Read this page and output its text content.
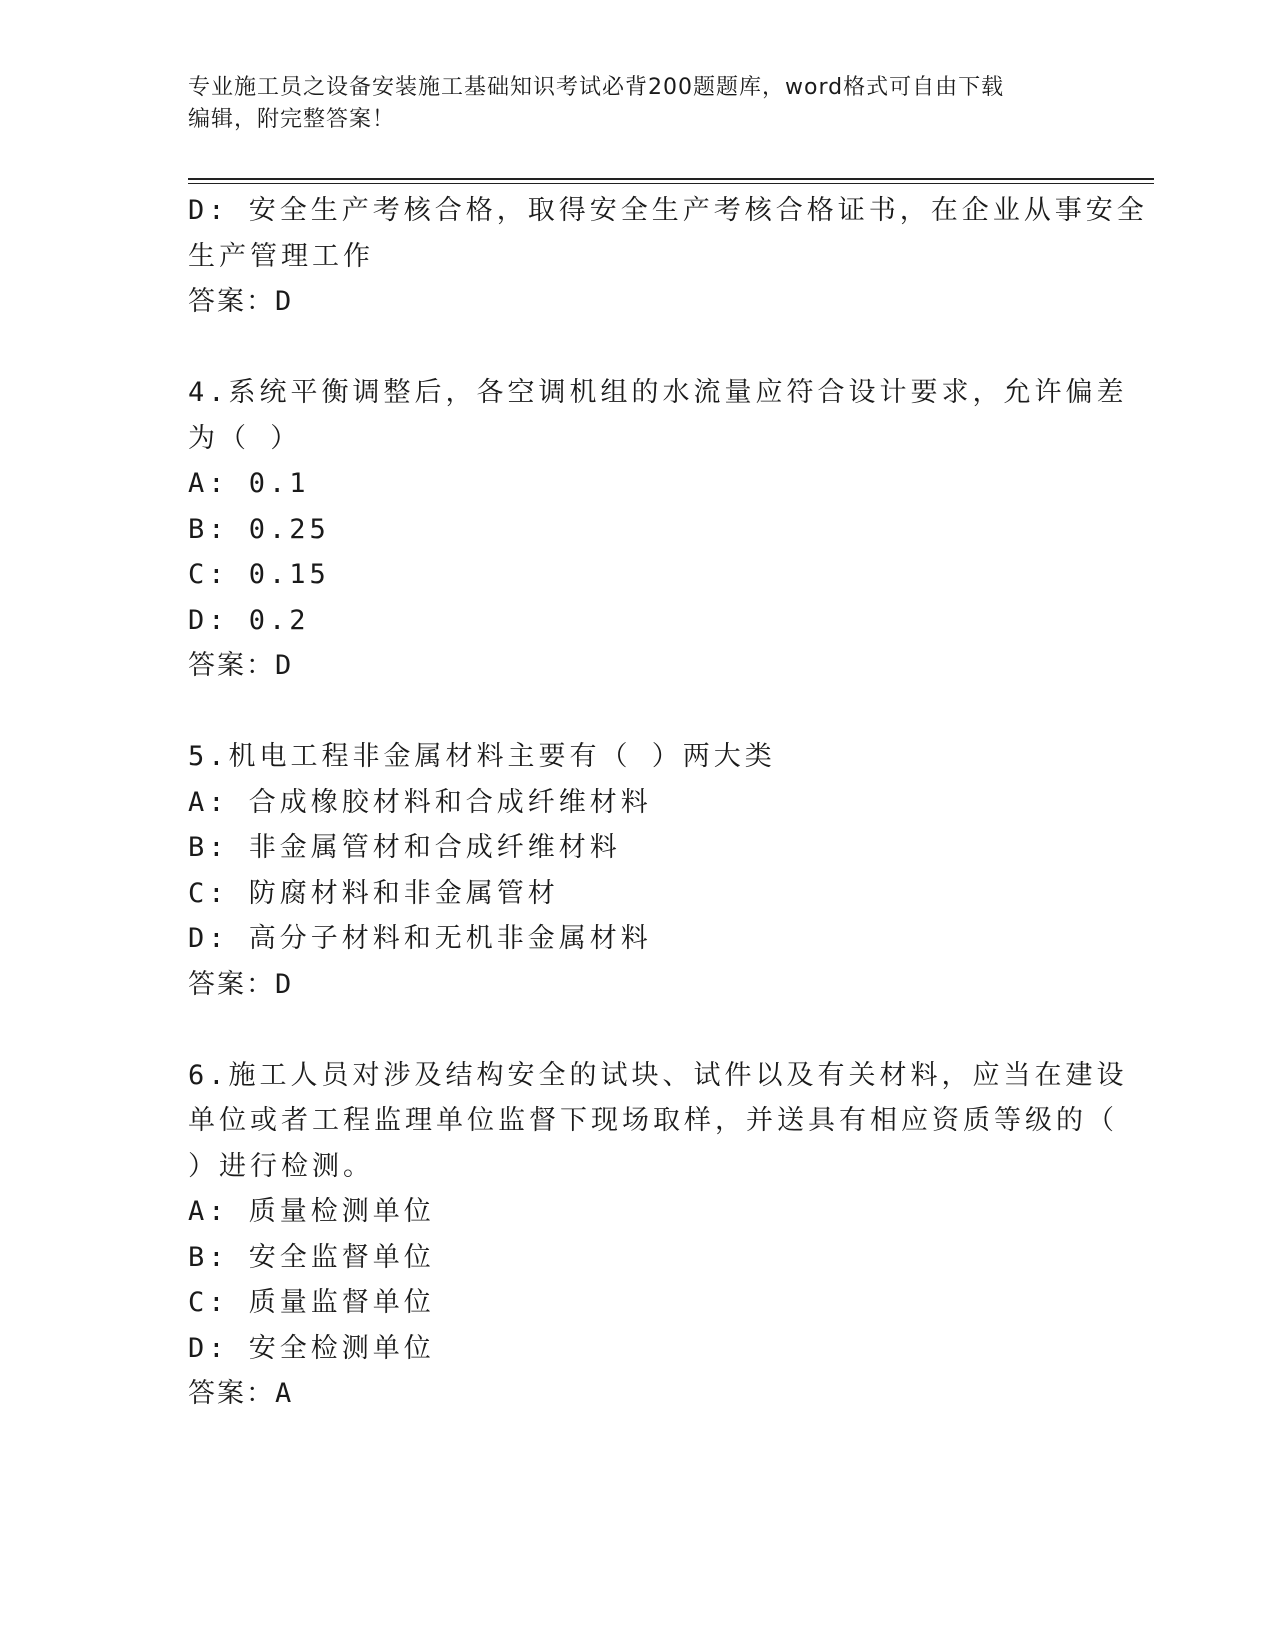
专业施工员之设备安装施工基础知识考试必背200题题库，word格式可自由下载
编辑，附完整答案！
D: 安全生产考核合格，取得安全生产考核合格证书，在企业从事安全
生产管理工作
答案：D
4.系统平衡调整后，各空调机组的水流量应符合设计要求，允许偏差
为（ ）
A: 0.1
B: 0.25
C: 0.15
D: 0.2
答案：D
5.机电工程非金属材料主要有（ ）两大类
A: 合成橡胶材料和合成纤维材料
B: 非金属管材和合成纤维材料
C: 防腐材料和非金属管材
D: 高分子材料和无机非金属材料
答案：D
6.施工人员对涉及结构安全的试块、试件以及有关材料，应当在建设
单位或者工程监理单位监督下现场取样，并送具有相应资质等级的（
）进行检测。
A: 质量检测单位
B: 安全监督单位
C: 质量监督单位
D: 安全检测单位
答案：A
